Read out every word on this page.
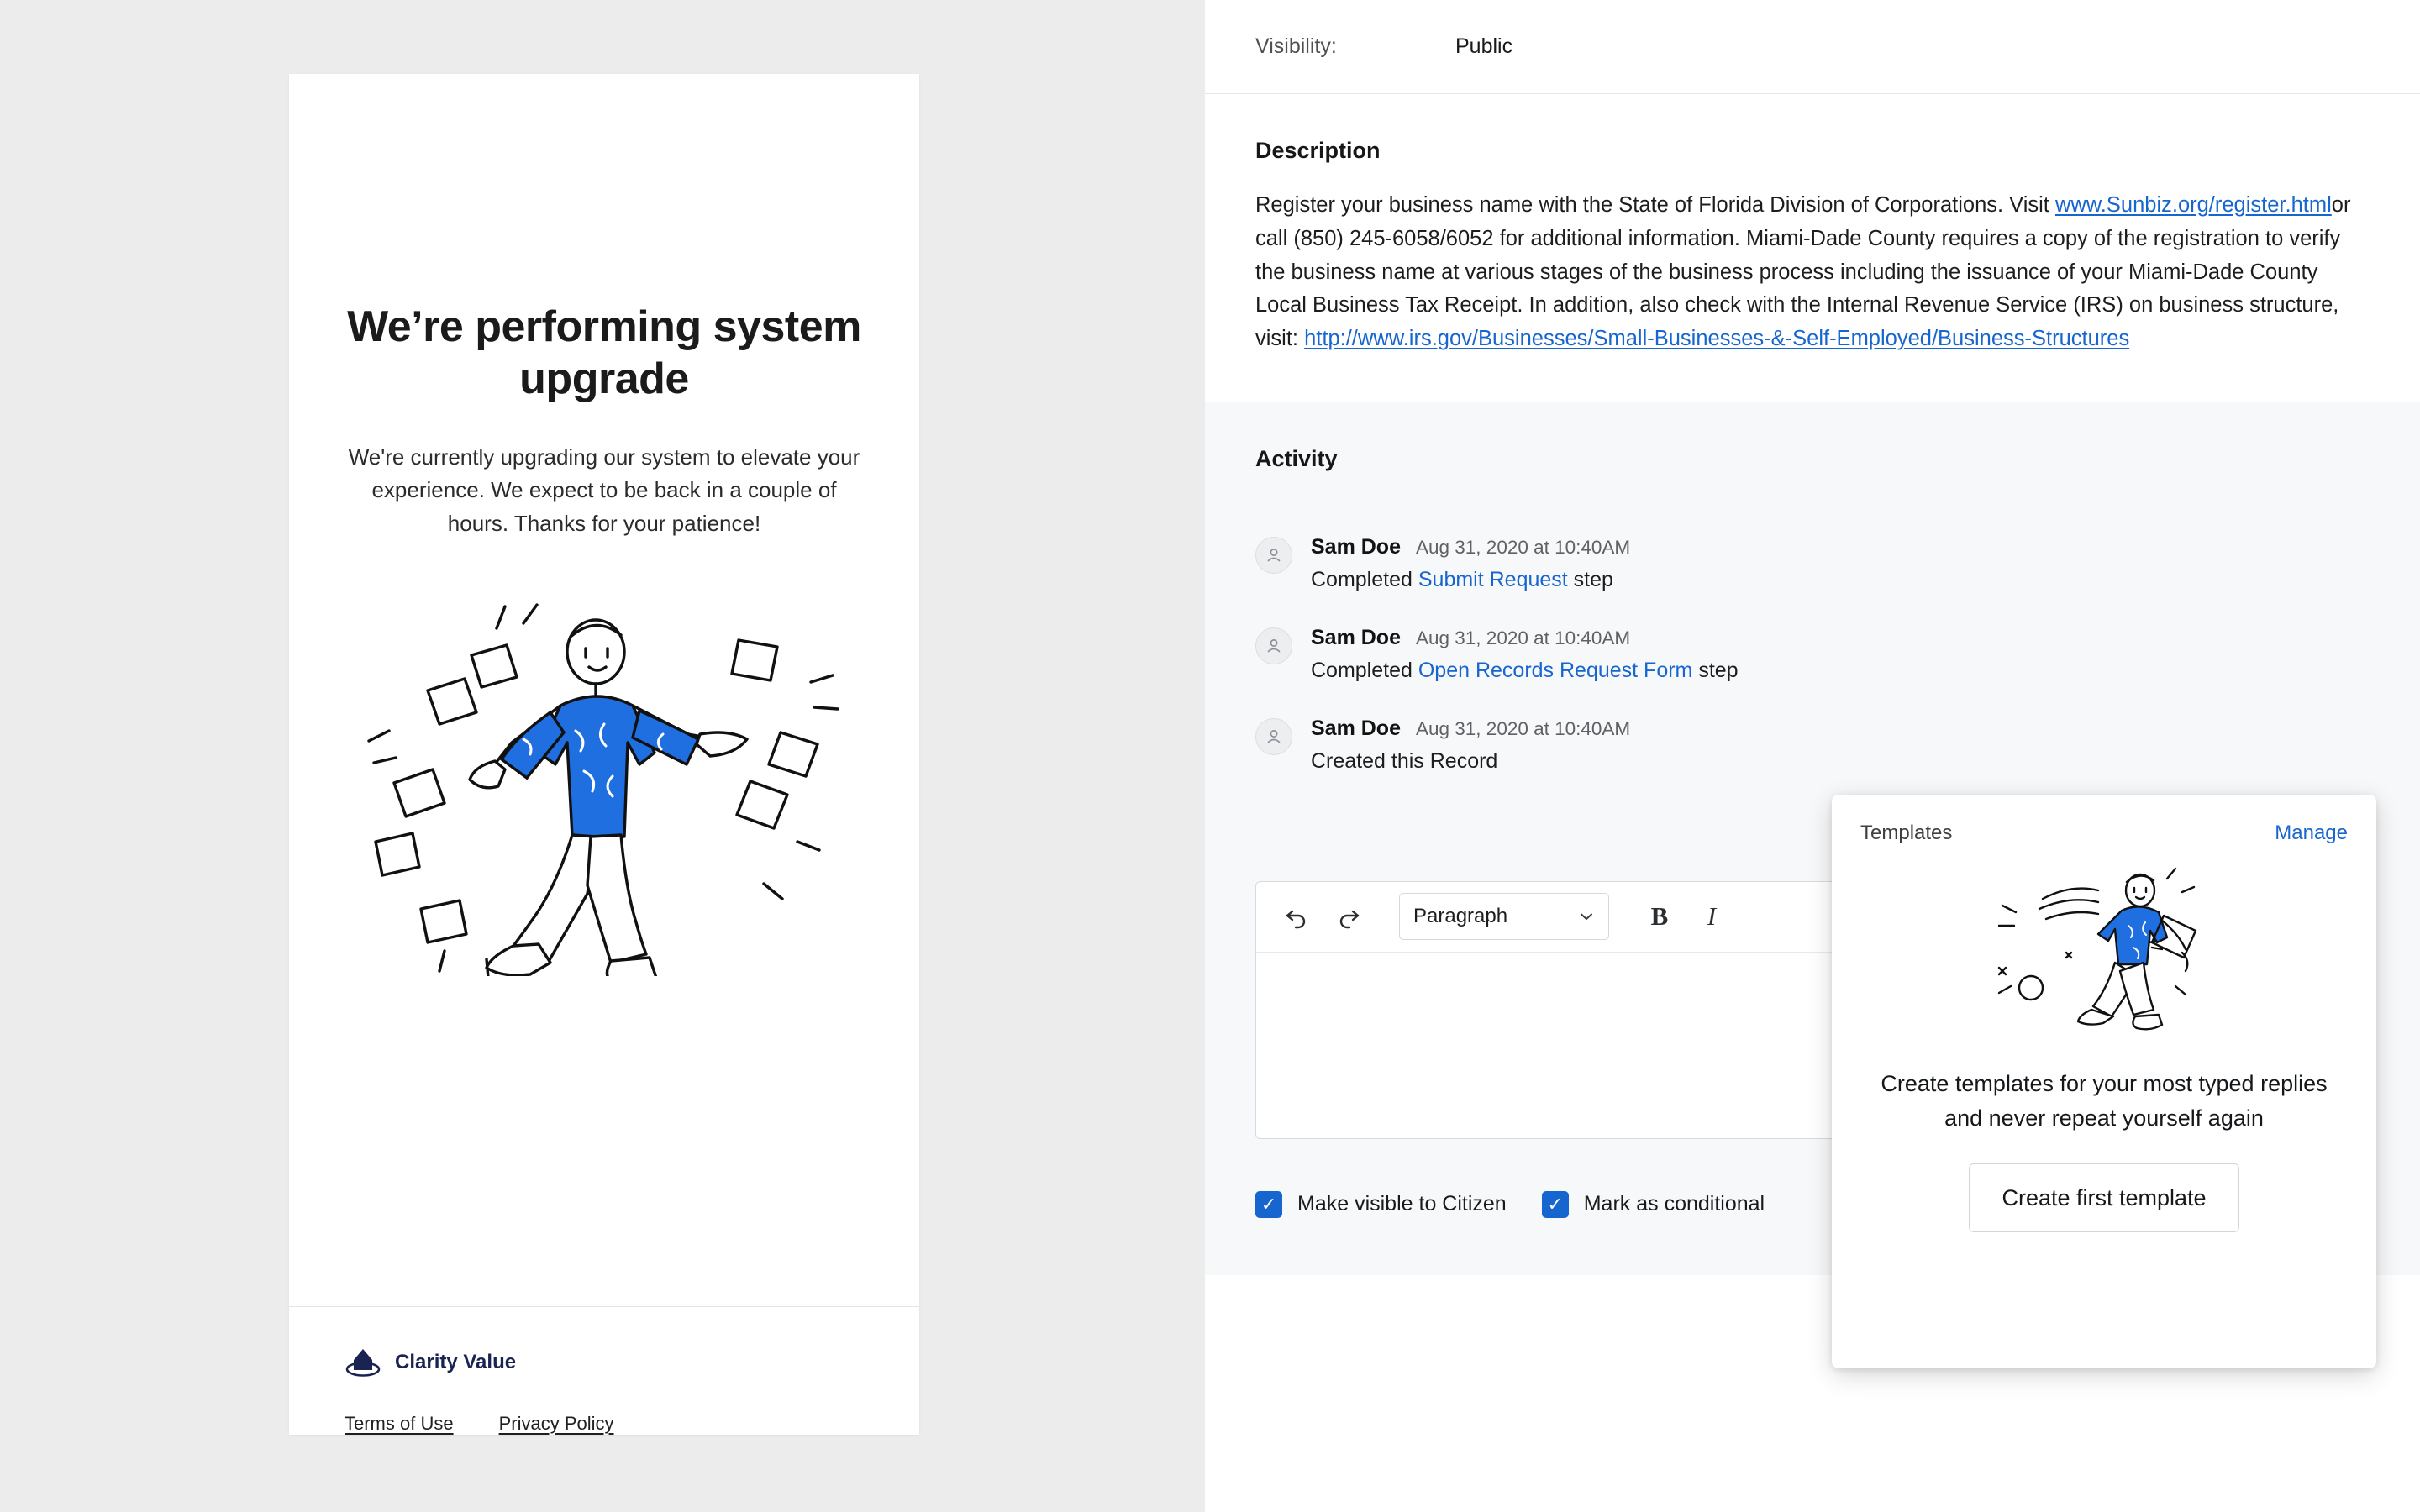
We’re performing system upgrade
We're currently upgrading our system to elevate your experience. We expect to be back in a couple of hours. Thanks for your patience!
Clarity Value
Terms of Use Privacy Policy
Visibility:	Public
Description
Register your business name with the State of Florida Division of Corporations. Visit www.Sunbiz.org/register.htmlor call (850) 245-6058/6052 for additional information. Miami-Dade County requires a copy of the registration to verify the business name at various stages of the business process including the issuance of your Miami-Dade County Local Business Tax Receipt. In addition, also check with the Internal Revenue Service (IRS) on business structure, visit: http://www.irs.gov/Businesses/Small-Businesses-&-Self-Employed/Business-Structures
Activity
Sam Doe Aug 31, 2020 at 10:40AM
Completed Submit Request step
Sam Doe Aug 31, 2020 at 10:40AM
Completed Open Records Request Form step
Sam Doe Aug 31, 2020 at 10:40AM
Created this Record
Paragraph	B	I
✓ Make visible to Citizen	✓ Mark as conditional
Templates	Manage
Create templates for your most typed replies and never repeat yourself again
Create first template
